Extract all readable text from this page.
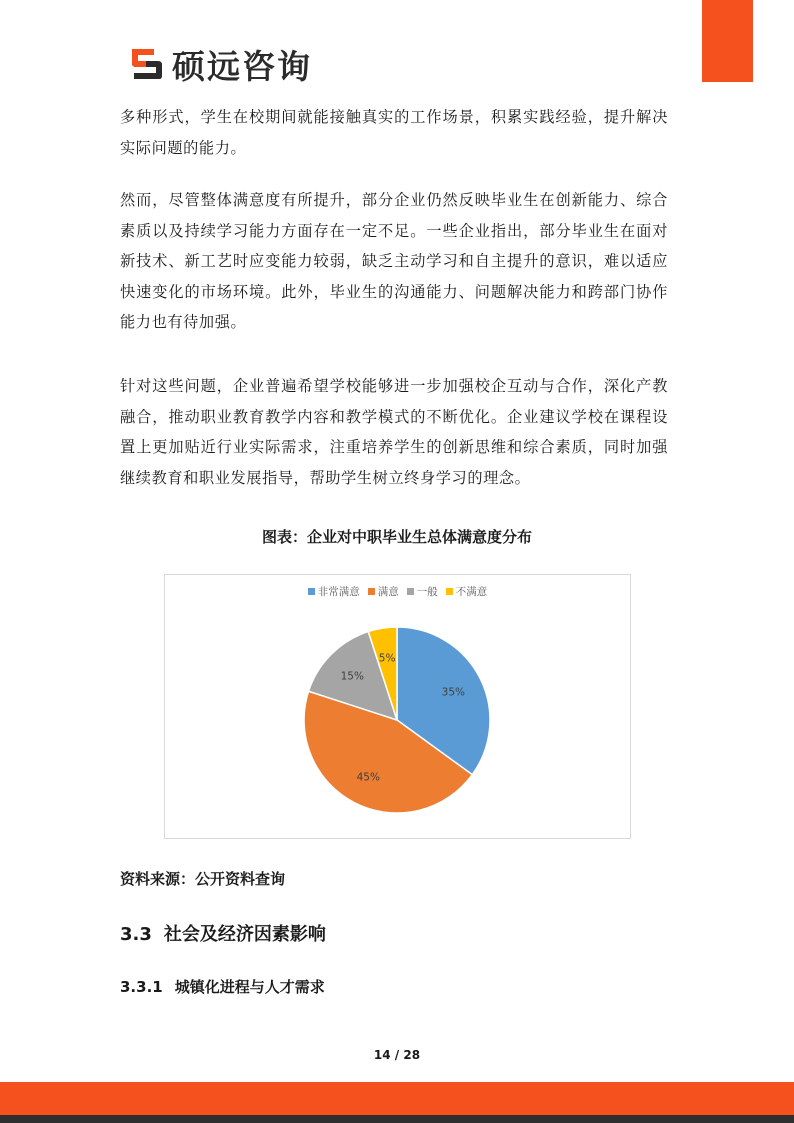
硕远咨询

多种形式，学生在校期间就能接触真实的工作场景，积累实践经验，提升解决实际问题的能力。

然而，尽管整体满意度有所提升，部分企业仍然反映毕业生在创新能力、综合素质以及持续学习能力方面存在一定不足。一些企业指出，部分毕业生在面对新技术、新工艺时应变能力较弱，缺乏主动学习和自主提升的意识，难以适应快速变化的市场环境。此外，毕业生的沟通能力、问题解决能力和跨部门协作能力也有待加强。

针对这些问题，企业普遍希望学校能够进一步加强校企互动与合作，深化产教融合，推动职业教育教学内容和教学模式的不断优化。企业建议学校在课程设置上更加贴近行业实际需求，注重培养学生的创新思维和综合素质，同时加强继续教育和职业发展指导，帮助学生树立终身学习的理念。

图表：企业对中职毕业生总体满意度分布
非常满意 满意 一般 不满意
35%
45%
15%
5%
资料来源：公开资料查询
3.3 社会及经济因素影响
3.3.1 城镇化进程与人才需求
14 / 28
